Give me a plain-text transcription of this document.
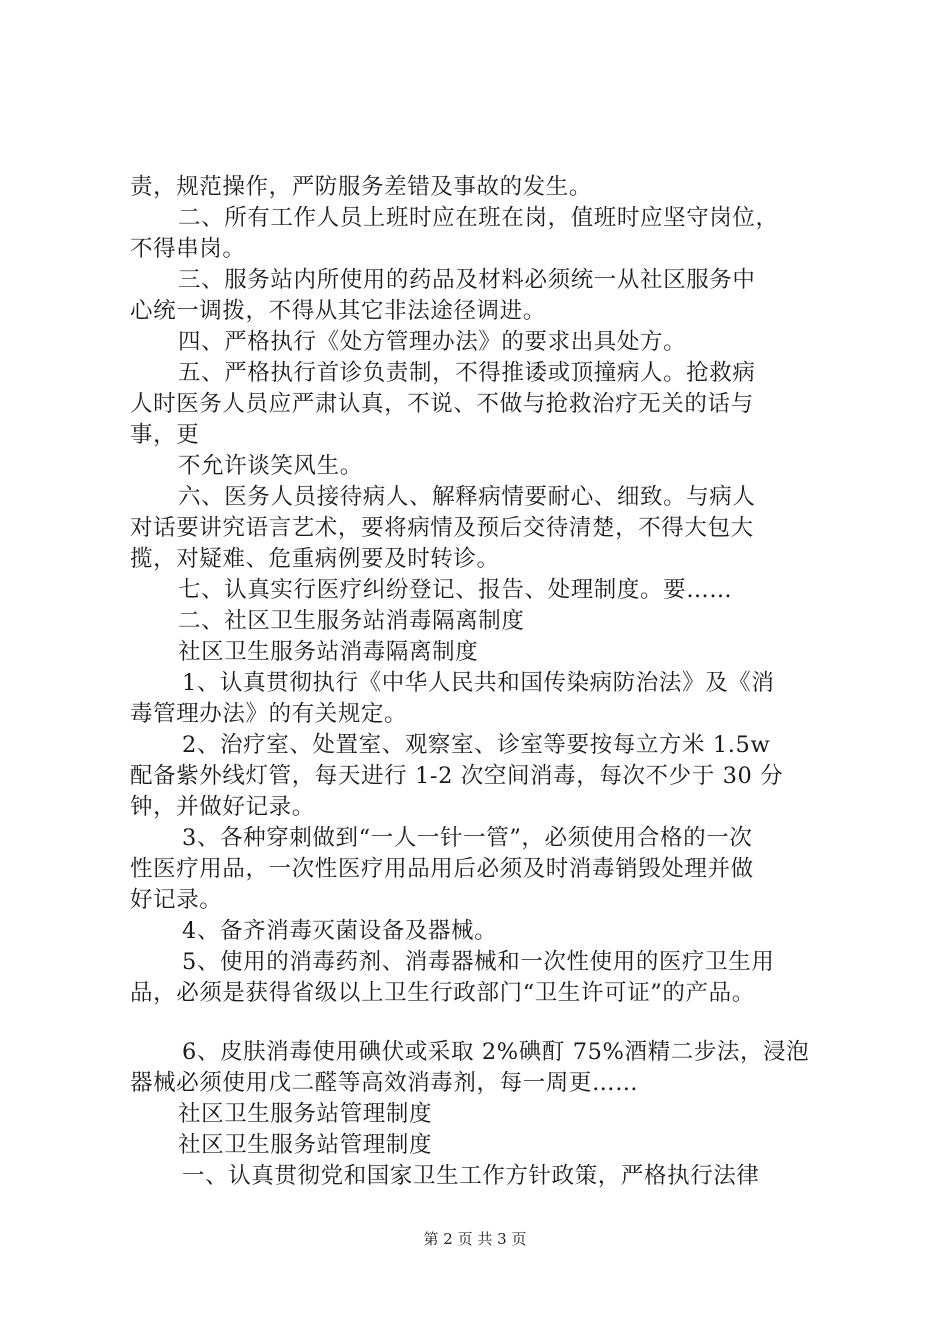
责，规范操作，严防服务差错及事故的发生。
二、所有工作人员上班时应在班在岗，值班时应坚守岗位，
不得串岗。
三、服务站内所使用的药品及材料必须统一从社区服务中
心统一调拨，不得从其它非法途径调进。
四、严格执行《处方管理办法》的要求出具处方。
五、严格执行首诊负责制，不得推诿或顶撞病人。抢救病
人时医务人员应严肃认真，不说、不做与抢救治疗无关的话与
事，更
不允许谈笑风生。
六、医务人员接待病人、解释病情要耐心、细致。与病人
对话要讲究语言艺术，要将病情及预后交待清楚，不得大包大
揽，对疑难、危重病例要及时转诊。
七、认真实行医疗纠纷登记、报告、处理制度。要……
二、社区卫生服务站消毒隔离制度
社区卫生服务站消毒隔离制度
1、认真贯彻执行《中华人民共和国传染病防治法》及《消
毒管理办法》的有关规定。
2、治疗室、处置室、观察室、诊室等要按每立方米 1.5w
配备紫外线灯管，每天进行 1-2 次空间消毒，每次不少于 30 分
钟，并做好记录。
3、各种穿刺做到“一人一针一管”，必须使用合格的一次
性医疗用品，一次性医疗用品用后必须及时消毒销毁处理并做
好记录。
4、备齐消毒灭菌设备及器械。
5、使用的消毒药剂、消毒器械和一次性使用的医疗卫生用
品，必须是获得省级以上卫生行政部门“卫生许可证”的产品。
6、皮肤消毒使用碘伏或采取 2%碘酊 75%酒精二步法，浸泡
器械必须使用戊二醛等高效消毒剂，每一周更……
社区卫生服务站管理制度
社区卫生服务站管理制度
一、认真贯彻党和国家卫生工作方针政策，严格执行法律
第 2 页 共 3 页
